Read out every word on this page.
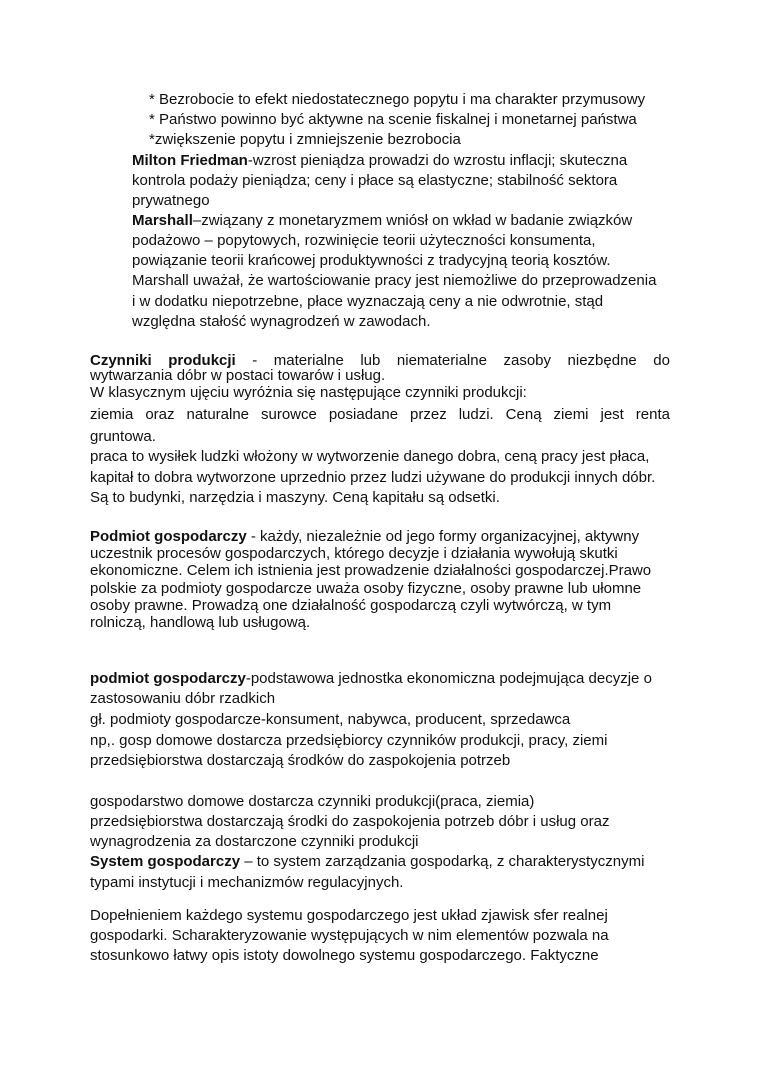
* Bezrobocie to efekt niedostatecznego popytu i ma charakter przymusowy

* Państwo powinno być aktywne na scenie fiskalnej i monetarnej państwa

*zwiększenie popytu i zmniejszenie bezrobocia

Milton Friedman-wzrost pieniądza prowadzi do wzrostu inflacji; skuteczna

kontrola podaży pieniądza; ceny i płace są elastyczne; stabilność sektora

prywatnego

Marshall–związany z monetaryzmem wniósł on wkład w badanie związków

podażowo – popytowych, rozwinięcie teorii użyteczności konsumenta,

powiązanie teorii krańcowej produktywności z tradycyjną teorią kosztów.

Marshall uważał, że wartościowanie pracy jest niemożliwe do przeprowadzenia

i w dodatku niepotrzebne, płace wyznaczają ceny a nie odwrotnie, stąd

względna stałość wynagrodzeń w zawodach.

Czynniki produkcji - materialne lub niematerialne zasoby niezbędne do

wytwarzania dóbr w postaci towarów i usług.

W klasycznym ujęciu wyróżnia się następujące czynniki produkcji:

ziemia oraz naturalne surowce posiadane przez ludzi. Ceną ziemi jest renta

gruntowa.

praca to wysiłek ludzki włożony w wytworzenie danego dobra, ceną pracy jest płaca,

kapitał to dobra wytworzone uprzednio przez ludzi używane do produkcji innych dóbr.

Są to budynki, narzędzia i maszyny. Ceną kapitału są odsetki.

Podmiot gospodarczy - każdy, niezależnie od jego formy organizacyjnej, aktywny

uczestnik procesów gospodarczych, którego decyzje i działania wywołują skutki

ekonomiczne. Celem ich istnienia jest prowadzenie działalności gospodarczej.Prawo

polskie za podmioty gospodarcze uważa osoby fizyczne, osoby prawne lub ułomne

osoby prawne. Prowadzą one działalność gospodarczą czyli wytwórczą, w tym

rolniczą, handlową lub usługową.

podmiot gospodarczy-podstawowa jednostka ekonomiczna podejmująca decyzje o

zastosowaniu dóbr rzadkich

gł. podmioty gospodarcze-konsument, nabywca, producent, sprzedawca

np,. gosp domowe dostarcza przedsiębiorcy czynników produkcji, pracy, ziemi

przedsiębiorstwa dostarczają środków do zaspokojenia potrzeb

gospodarstwo domowe dostarcza czynniki produkcji(praca, ziemia)

przedsiębiorstwa dostarczają środki do zaspokojenia potrzeb dóbr i usług oraz

wynagrodzenia za dostarczone czynniki produkcji

System gospodarczy – to system zarządzania gospodarką, z charakterystycznymi

typami instytucji i mechanizmów regulacyjnych.

Dopełnieniem każdego systemu gospodarczego jest układ zjawisk sfer realnej

gospodarki. Scharakteryzowanie występujących w nim elementów pozwala na

stosunkowo łatwy opis istoty dowolnego systemu gospodarczego. Faktyczne
